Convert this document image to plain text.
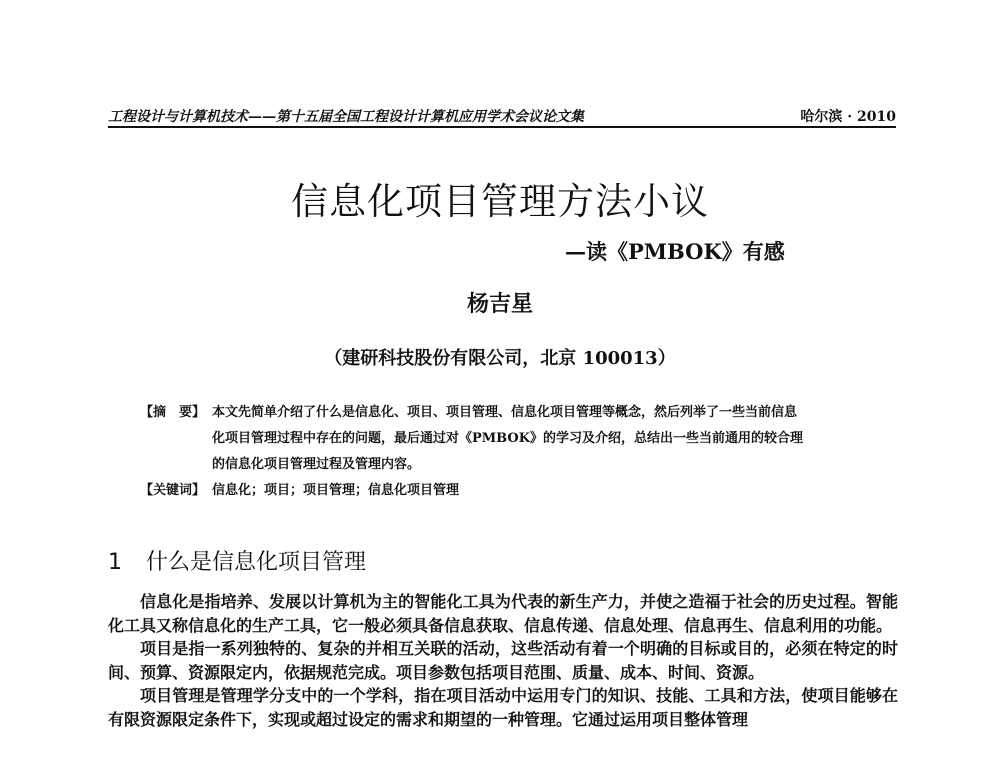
工程设计与计算机技术——第十五届全国工程设计计算机应用学术会议论文集	哈尔滨 · 2010
信息化项目管理方法小议
—读《PMBOK》有感
杨吉星
（建研科技股份有限公司，北京 100013）
【摘　要】 本文先简单介绍了什么是信息化、项目、项目管理、信息化项目管理等概念，然后列举了一些当前信息
化项目管理过程中存在的问题，最后通过对《PMBOK》的学习及介绍，总结出一些当前通用的较合理
的信息化项目管理过程及管理内容。
【关键词】 信息化；项目；项目管理；信息化项目管理
1 什么是信息化项目管理

信息化是指培养、发展以计算机为主的智能化工具为代表的新生产力，并使之造福于社会的历史过程。智能化工具又称信息化的生产工具，它一般必须具备信息获取、信息传递、信息处理、信息再生、信息利用的功能。

项目是指一系列独特的、复杂的并相互关联的活动，这些活动有着一个明确的目标或目的，必须在特定的时间、预算、资源限定内，依据规范完成。项目参数包括项目范围、质量、成本、时间、资源。

项目管理是管理学分支中的一个学科，指在项目活动中运用专门的知识、技能、工具和方法，使项目能够在有限资源限定条件下，实现或超过设定的需求和期望的一种管理。它通过运用项目整体管理
